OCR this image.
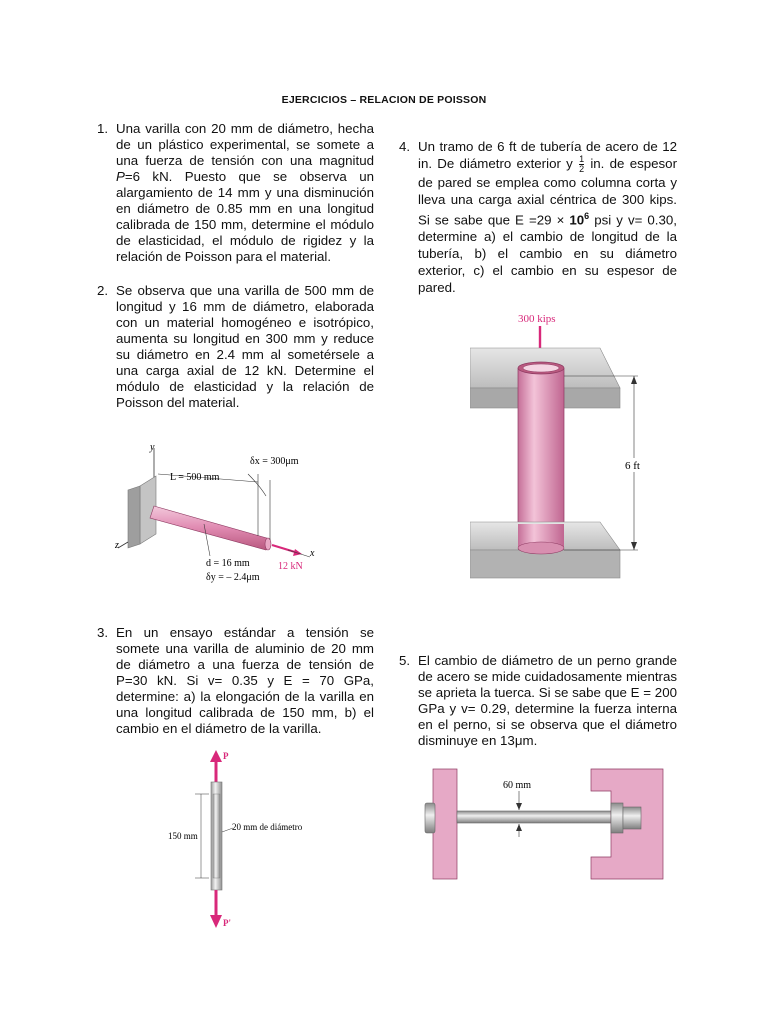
EJERCICIOS – RELACION DE POISSON
1. Una varilla con 20 mm de diámetro, hecha de un plástico experimental, se somete a una fuerza de tensión con una magnitud P=6 kN. Puesto que se observa un alargamiento de 14 mm y una disminución en diámetro de 0.85 mm en una longitud calibrada de 150 mm, determine el módulo de elasticidad, el módulo de rigidez y la relación de Poisson para el material.
2. Se observa que una varilla de 500 mm de longitud y 16 mm de diámetro, elaborada con un material homogéneo e isotrópico, aumenta su longitud en 300 mm y reduce su diámetro en 2.4 mm al sometérsele a una carga axial de 12 kN. Determine el módulo de elasticidad y la relación de Poisson del material.
3. En un ensayo estándar a tensión se somete una varilla de aluminio de 20 mm de diámetro a una fuerza de tensión de P=30 kN. Si v= 0.35 y E = 70 GPa, determine: a) la elongación de la varilla en una longitud calibrada de 150 mm, b) el cambio en el diámetro de la varilla.
4. Un tramo de 6 ft de tubería de acero de 12 in. De diámetro exterior y $\frac{1}{2}$ in. de espesor de pared se emplea como columna corta y lleva una carga axial céntrica de 300 kips. Si se sabe que $E =29 \times 10^6$ psi y v= 0.30, determine a) el cambio de longitud de la tubería, b) el cambio en su diámetro exterior, c) el cambio en su espesor de pared.
5. El cambio de diámetro de un perno grande de acero se mide cuidadosamente mientras se aprieta la tuerca. Si se sabe que E = 200 GPa y v= 0.29, determine la fuerza interna en el perno, si se observa que el diámetro disminuye en 13μm.
y
z
x
L = 500 mm
δx = 300μm
d = 16 mm
δy = – 2.4μm
12 kN
P
P'
150 mm
20 mm de diámetro
300 kips
6 ft
60 mm
